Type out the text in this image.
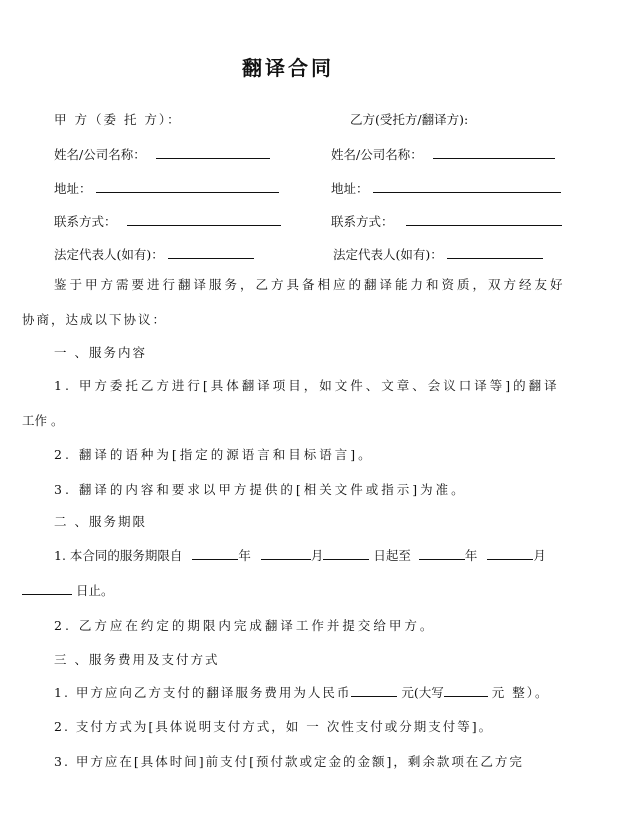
翻译合同
甲 方（委 托 方）：	乙方(受托方/翻译方):
姓名/公司名称：	姓名/公司名称：
地址：	地址：
联系方式：	联系方式：
法定代表人(如有)：	法定代表人(如有)：
鉴于甲方需要进行翻译服务，乙方具备相应的翻译能力和资质，双方经友好
协商，达成以下协议：
一 、服务内容
1. 甲方委托乙方进行[具体翻译项目，如文件、文章、会议口译等]的翻译
工作 。
2. 翻译的语种为[指定的源语言和目标语言]。
3. 翻译的内容和要求以甲方提供的[相关文件或指示]为准。
二 、服务期限
1. 本合同的服务期限自	年	月	日起至	年	月
日止。
2. 乙方应在约定的期限内完成翻译工作并提交给甲方。
三 、服务费用及支付方式
1. 甲方应向乙方支付的翻译服务费用为人民币	元(大写	元 整）。
2. 支付方式为[具体说明支付方式，如 一 次性支付或分期支付等]。
3. 甲方应在[具体时间]前支付[预付款或定金的金额]，剩余款项在乙方完
